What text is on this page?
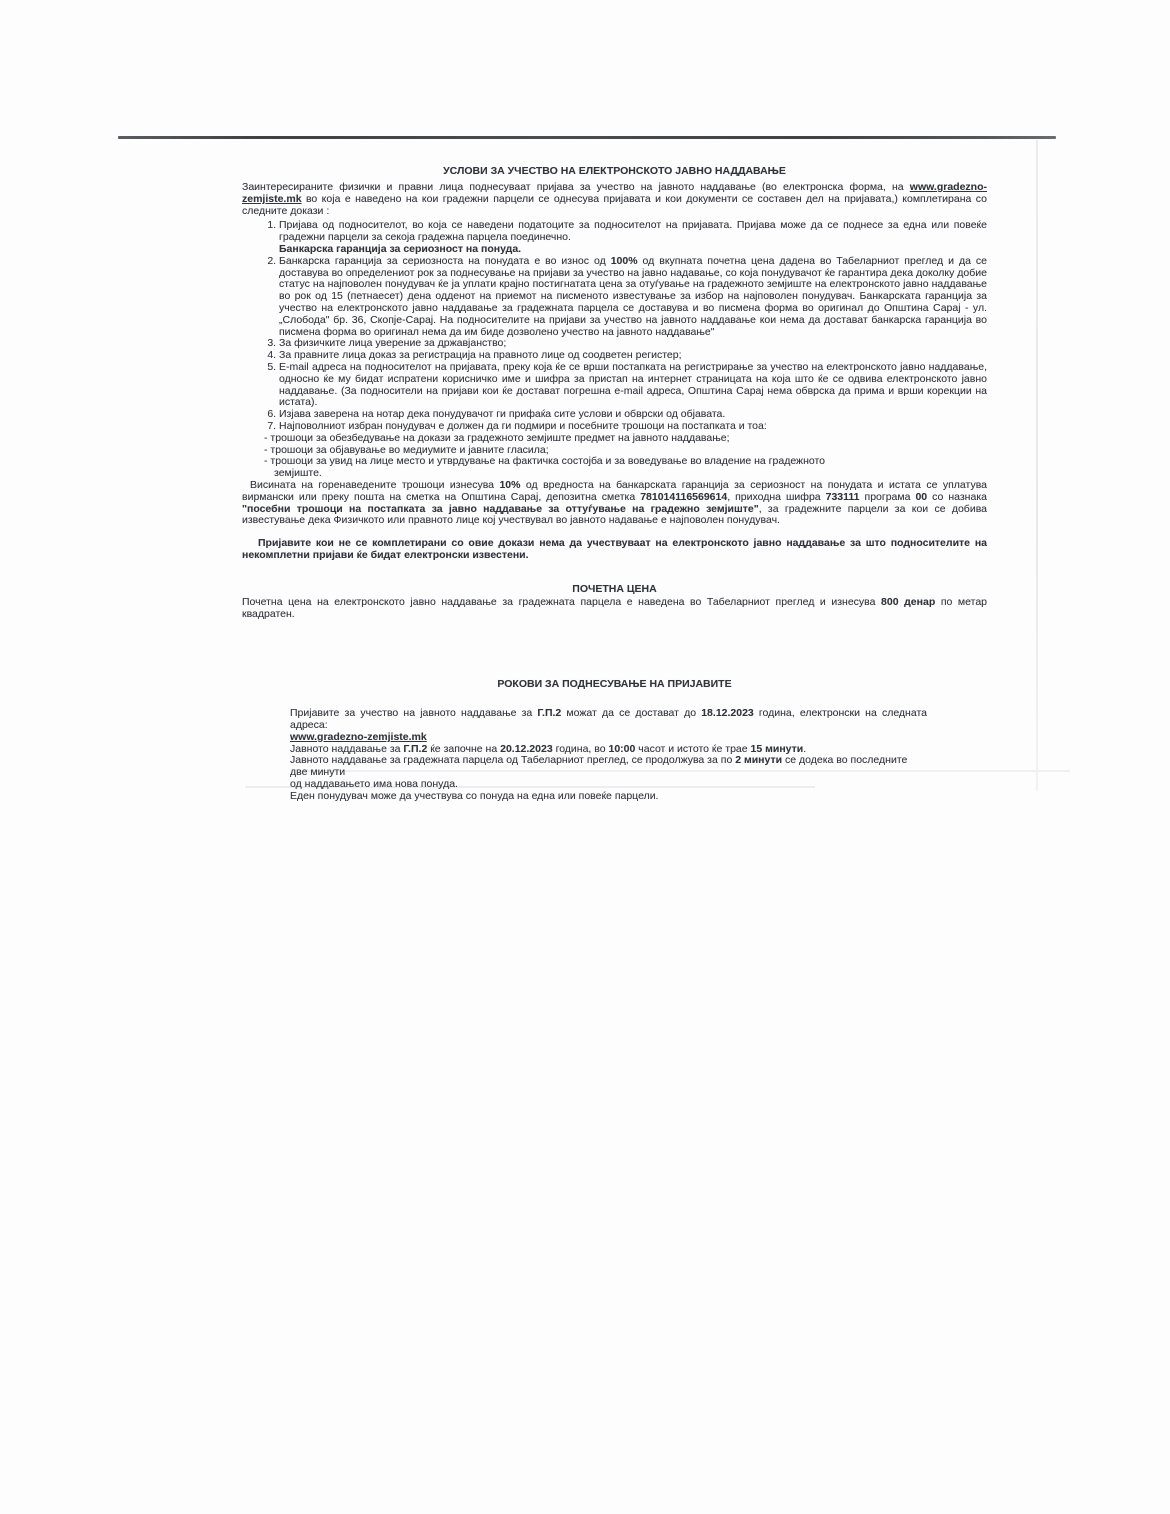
УСЛОВИ ЗА УЧЕСТВО НА ЕЛЕКТРОНСКОТО ЈАВНО НАДДАВАЊЕ
Заинтересираните физички и правни лица поднесуваат пријава за учество на јавното наддавање (во електронска форма, на www.gradezno-zemjiste.mk во која е наведено на кои градежни парцели се однесува пријавата и кои документи се составен дел на пријавата,) комплетирана со следните докази :
1. Пријава од подносителот, во која се наведени податоците за подносителот на пријавата. Пријава може да се поднесе за една или повеќе градежни парцели за секоја градежна парцела поединечно.
Банкарска гаранција за сериозност на понуда.
2. Банкарска гаранција за сериозноста на понудата е во износ од 100% од вкупната почетна цена дадена во Табеларниот преглед и да се доставува во определениот рок за поднесување на пријави за учество на јавно надавање, со која понудувачот ќе гарантира дека доколку добие статус на најповолен понудувач ќе ја уплати крајно постигнатата цена за отуѓување на градежното земјиште на електронското јавно наддавање во рок од 15 (петнаесет) дена одденот на приемот на писменото известување за избор на најповолен понудувач. Банкарската гаранција за учество на електронското јавно наддавање за градежната парцела се доставува и во писмена форма во оригинал до Општина Сарај - ул. „Слобода" бр. 36, Скопје-Сарај. На подносителите на пријави за учество на јавното наддавање кои нема да достават банкарска гаранција во писмена форма во оригинал нема да им биде дозволено учество на јавното наддавање"
3. За физичките лица уверение за државјанство;
4. За правните лица доказ за регистрација на правното лице од соодветен регистер;
5. E-mail адреса на подносителот на пријавата, преку која ќе се врши постапката на регистрирање за учество на електронското јавно наддавање, односно ќе му бидат испратени корисничко име и шифра за пристап на интернет страницата на која што ќе се одвива електронското јавно наддавање. (За подносители на пријави кои ќе достават погрешна e-mail адреса, Општина Сарај нема обврска да прима и врши корекции на истата).
6. Изјава заверена на нотар дека понудувачот ги прифаќа сите услови и обврски од објавата.
7. Најповолниот избран понудувач е должен да ги подмири и посебните трошоци на постапката и тоа:
- трошоци за обезбедување на докази за градежното земјиште предмет на јавното наддавање;
- трошоци за објавување во медиумите и јавните гласила;
- трошоци за увид на лице место и утврдување на фактичка состојба и за воведување во владение на градежното
земјиште.
Висината на горенаведените трошоци изнесува 10% од вредноста на банкарската гаранција за сериозност на понудата и истата се уплатува вирмански или преку пошта на сметка на Општина Сарај, депозитна сметка 781014116569614, приходна шифра 733111 програма 00 со назнака "посебни трошоци на постапката за јавно наддавање за оттуѓување на градежно земјиште", за градежните парцели за кои се добива известување дека Физичкото или правното лице кој учествувал во јавното надавање е најповолен понудувач.
Пријавите кои не се комплетирани со овие докази нема да учествуваат на електронското јавно наддавање за што подносителите на некомплетни пријави ќе бидат електронски известени.
ПОЧЕТНА ЦЕНА
Почетна цена на електронското јавно наддавање за градежната парцела е наведена во Табеларниот преглед и изнесува 800 денар по метар квадратен.
РОКОВИ ЗА ПОДНЕСУВАЊЕ НА ПРИЈАВИТЕ
Пријавите за учество на јавното наддавање за Г.П.2 можат да се достават до 18.12.2023 година, електронски на следната адреса:
www.gradezno-zemjiste.mk
Јавното наддавање за Г.П.2 ќе започне на 20.12.2023 година, во 10:00 часот и истото ќе трае 15 минути.
Јавното наддавање за градежната парцела од Табеларниот преглед, се продолжува за по 2 минути се додека во последните две минути
од наддавањето има нова понуда.
Еден понудувач може да учествува со понуда на една или повеќе парцели.
